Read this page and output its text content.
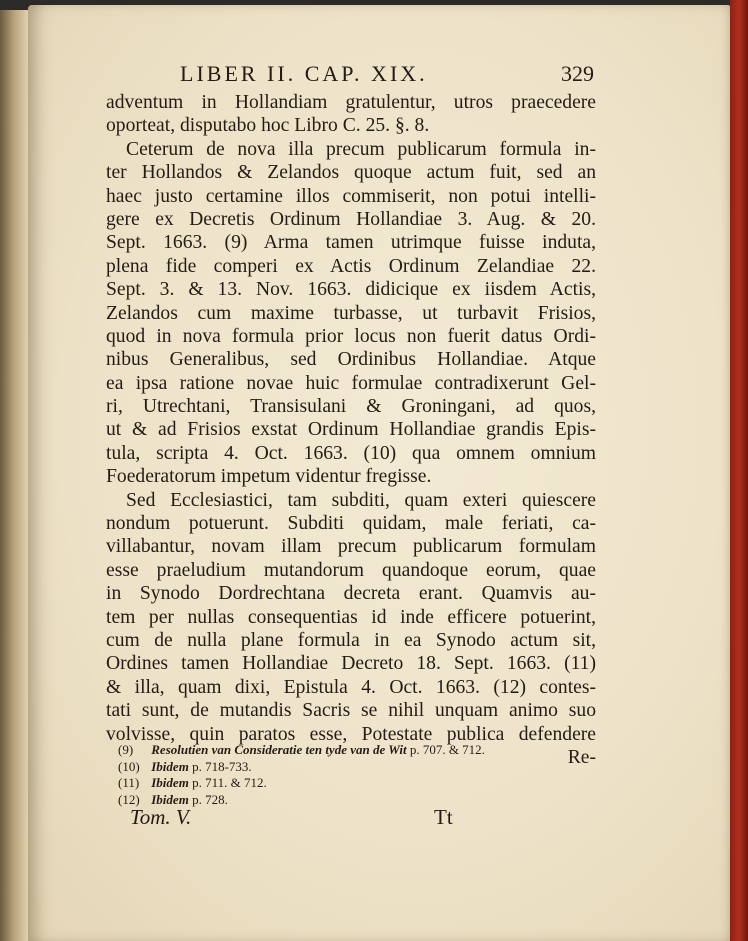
LIBER II. CAP. XIX.	329
adventum in Hollandiam gratulentur, utros praecedere
oporteat, disputabo hoc Libro C. 25. §. 8.
Ceterum de nova illa precum publicarum formula in-
ter Hollandos & Zelandos quoque actum fuit, sed an
haec justo certamine illos commiserit, non potui intelli-
gere ex Decretis Ordinum Hollandiae 3. Aug. & 20.
Sept. 1663. (9) Arma tamen utrimque fuisse induta,
plena fide comperi ex Actis Ordinum Zelandiae 22.
Sept. 3. & 13. Nov. 1663. didicique ex iisdem Actis,
Zelandos cum maxime turbasse, ut turbavit Frisios,
quod in nova formula prior locus non fuerit datus Ordi-
nibus Generalibus, sed Ordinibus Hollandiae. Atque
ea ipsa ratione novae huic formulae contradixerunt Gel-
ri, Utrechtani, Transisulani & Groningani, ad quos,
ut & ad Frisios exstat Ordinum Hollandiae grandis Epis-
tula, scripta 4. Oct. 1663. (10) qua omnem omnium
Foederatorum impetum videntur fregisse.
Sed Ecclesiastici, tam subditi, quam exteri quiescere
nondum potuerunt. Subditi quidam, male feriati, ca-
villabantur, novam illam precum publicarum formulam
esse praeludium mutandorum quandoque eorum, quae
in Synodo Dordrechtana decreta erant. Quamvis au-
tem per nullas consequentias id inde efficere potuerint,
cum de nulla plane formula in ea Synodo actum sit,
Ordines tamen Hollandiae Decreto 18. Sept. 1663. (11)
& illa, quam dixi, Epistula 4. Oct. 1663. (12) contes-
tati sunt, de mutandis Sacris se nihil unquam animo suo
volvisse, quin paratos esse, Potestate publica defendere
Re-
(9) Resolutien van Consideratie ten tyde van de Wit p. 707. & 712.
(10) Ibidem p. 718-733.
(11) Ibidem p. 711. & 712.
(12) Ibidem p. 728.
Tom. V.	Tt
